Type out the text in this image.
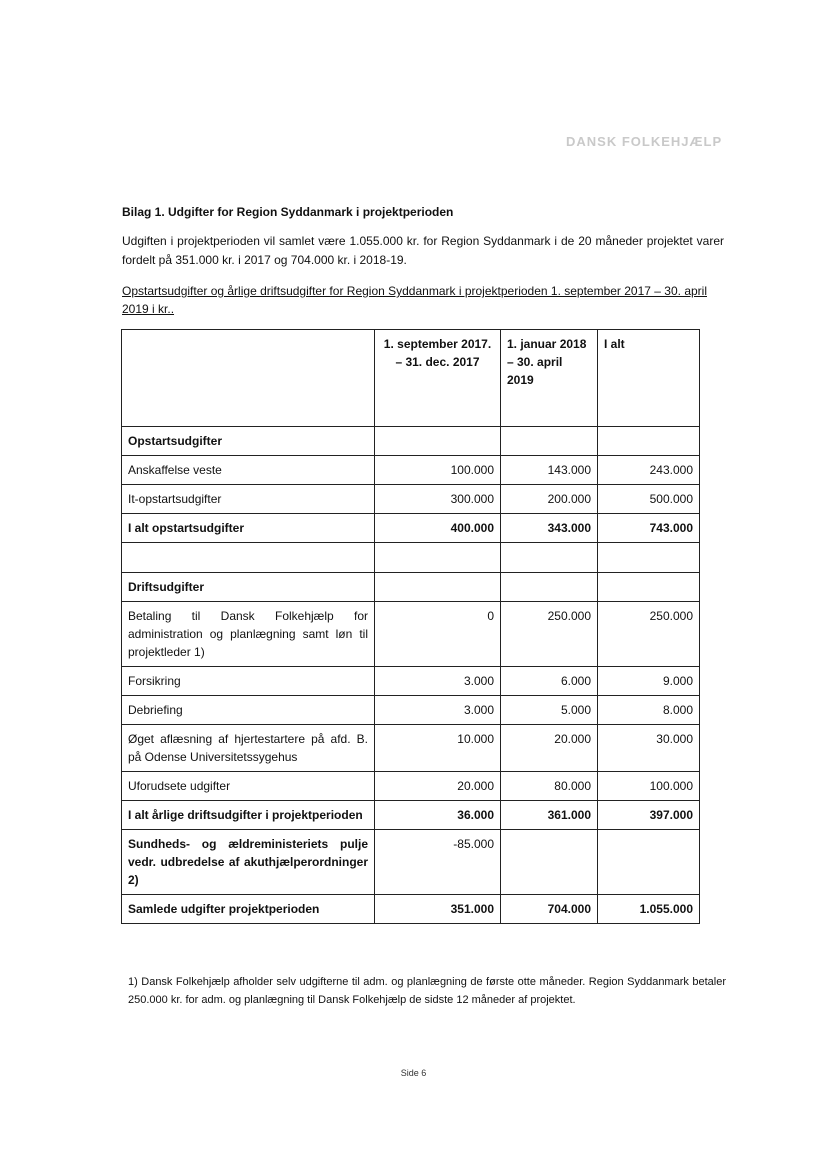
DANSK FOLKEHJÆLP
Bilag 1. Udgifter for Region Syddanmark i projektperioden
Udgiften i projektperioden vil samlet være 1.055.000 kr. for Region Syddanmark i de 20 måneder projektet varer fordelt på 351.000 kr. i 2017 og 704.000 kr. i 2018-19.
Opstartsudgifter og årlige driftsudgifter for Region Syddanmark i projektperioden 1. september 2017 – 30. april 2019 i kr..
	1. september 2017. – 31. dec. 2017	1. januar 2018 – 30. april 2019	I alt
Opstartsudgifter			
Anskaffelse veste	100.000	143.000	243.000
It-opstartsudgifter	300.000	200.000	500.000
I alt opstartsudgifter	400.000	343.000	743.000

Driftsudgifter			
Betaling til Dansk Folkehjælp for administration og planlægning samt løn til projektleder 1)	0	250.000	250.000
Forsikring	3.000	6.000	9.000
Debriefing	3.000	5.000	8.000
Øget aflæsning af hjertestartere på afd. B. på Odense Universitetssygehus	10.000	20.000	30.000
Uforudsete udgifter	20.000	80.000	100.000
I alt årlige driftsudgifter i projektperioden	36.000	361.000	397.000
Sundheds- og ældreministeriets pulje vedr. udbredelse af akuthjælperordninger 2)	-85.000		
Samlede udgifter projektperioden	351.000	704.000	1.055.000
1) Dansk Folkehjælp afholder selv udgifterne til adm. og planlægning de første otte måneder. Region Syddanmark betaler 250.000 kr. for adm. og planlægning til Dansk Folkehjælp de sidste 12 måneder af projektet.
Side 6
